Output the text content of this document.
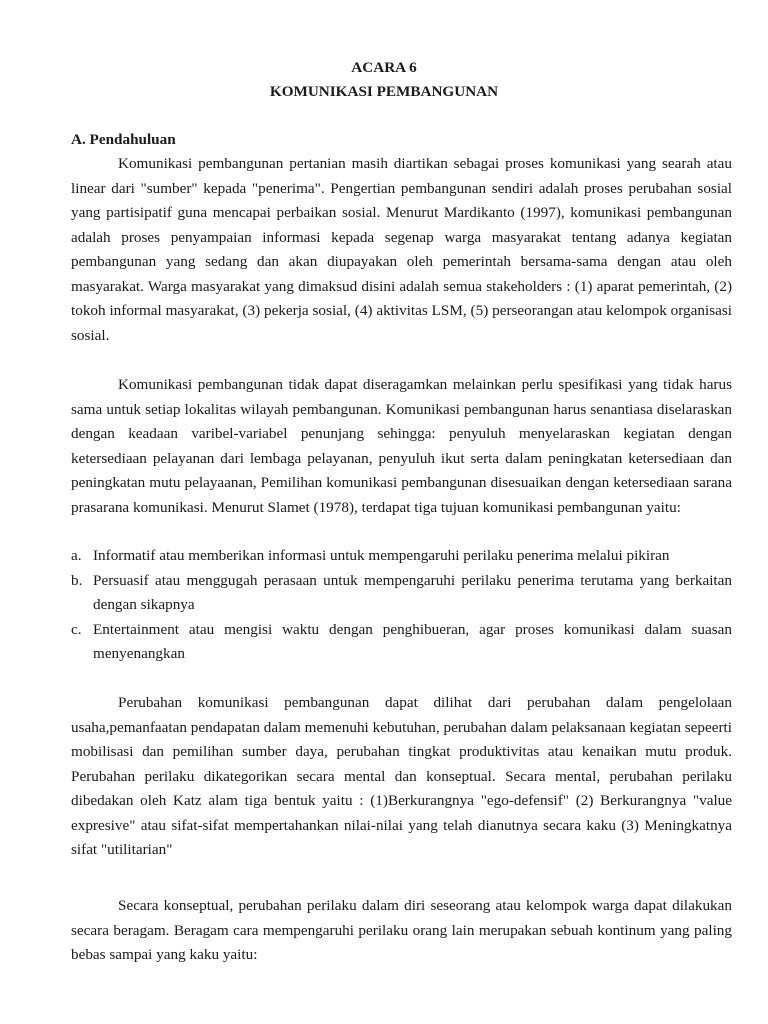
ACARA 6
KOMUNIKASI PEMBANGUNAN
A. Pendahuluan

Komunikasi pembangunan pertanian masih diartikan sebagai proses komunikasi yang searah atau linear dari "sumber" kepada "penerima". Pengertian pembangunan sendiri adalah proses perubahan sosial yang partisipatif guna mencapai perbaikan sosial. Menurut Mardikanto (1997), komunikasi pembangunan adalah proses penyampaian informasi kepada segenap warga masyarakat tentang adanya kegiatan pembangunan yang sedang dan akan diupayakan oleh pemerintah bersama-sama dengan atau oleh masyarakat. Warga masyarakat yang dimaksud disini adalah semua stakeholders : (1) aparat pemerintah, (2) tokoh informal masyarakat, (3) pekerja sosial, (4) aktivitas LSM, (5) perseorangan atau kelompok organisasi sosial.

Komunikasi pembangunan tidak dapat diseragamkan melainkan perlu spesifikasi yang tidak harus sama untuk setiap lokalitas wilayah pembangunan. Komunikasi pembangunan harus senantiasa diselaraskan dengan keadaan varibel-variabel penunjang sehingga: penyuluh menyelaraskan kegiatan dengan ketersediaan pelayanan dari lembaga pelayanan, penyuluh ikut serta dalam peningkatan ketersediaan dan peningkatan mutu pelayaanan, Pemilihan komunikasi pembangunan disesuaikan dengan ketersediaan sarana prasarana komunikasi. Menurut Slamet (1978), terdapat tiga tujuan komunikasi pembangunan yaitu:

a. Informatif atau memberikan informasi untuk mempengaruhi perilaku penerima melalui pikiran
b. Persuasif atau menggugah perasaan untuk mempengaruhi perilaku penerima terutama yang berkaitan dengan sikapnya
c. Entertainment atau mengisi waktu dengan penghibueran, agar proses komunikasi dalam suasan menyenangkan

Perubahan komunikasi pembangunan dapat dilihat dari perubahan dalam pengelolaan usaha,pemanfaatan pendapatan dalam memenuhi kebutuhan, perubahan dalam pelaksanaan kegiatan sepeerti mobilisasi dan pemilihan sumber daya, perubahan tingkat produktivitas atau kenaikan mutu produk. Perubahan perilaku dikategorikan secara mental dan konseptual. Secara mental, perubahan perilaku dibedakan oleh Katz alam tiga bentuk yaitu : (1)Berkurangnya "ego-defensif" (2) Berkurangnya "value expresive" atau sifat-sifat mempertahankan nilai-nilai yang telah dianutnya secara kaku (3) Meningkatnya sifat "utilitarian"

Secara konseptual, perubahan perilaku dalam diri seseorang atau kelompok warga dapat dilakukan secara beragam. Beragam cara mempengaruhi perilaku orang lain merupakan sebuah kontinum yang paling bebas sampai yang kaku yaitu:
